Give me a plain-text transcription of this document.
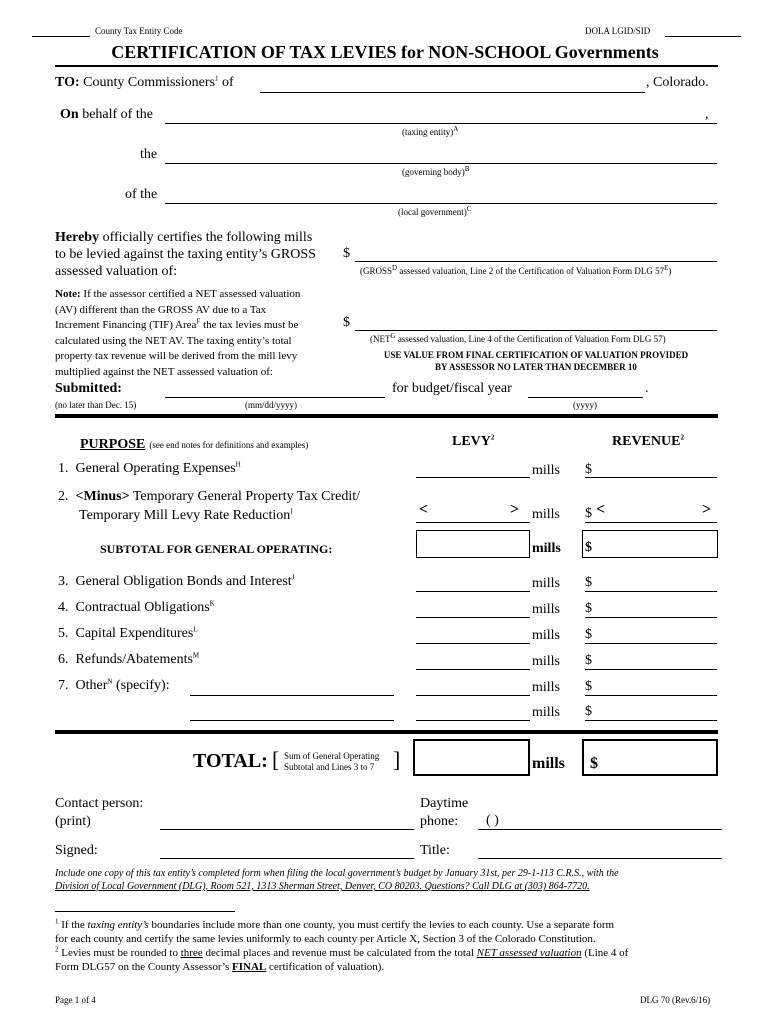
County Tax Entity Code	DOLA LGID/SID
CERTIFICATION OF TAX LEVIES for NON-SCHOOL Governments
TO: County Commissioners$^1$ of	, Colorado.
On behalf of the	,
(taxing entity)$^A$
the
(governing body)$^B$
of the
(local government)$^C$
Hereby officially certifies the following mills
to be levied against the taxing entity’s GROSS
assessed valuation of:
$
($GROSS^D$ assessed valuation, Line 2 of the Certification of Valuation Form DLG $57^E$)
Note: If the assessor certified a NET assessed valuation
(AV) different than the GROSS AV due to a Tax
Increment Financing (TIF) Area$^F$ the tax levies must be
calculated using the NET AV. The taxing entity’s total
property tax revenue will be derived from the mill levy
multiplied against the NET assessed valuation of:
$
($NET^G$ assessed valuation, Line 4 of the Certification of Valuation Form DLG 57)
USE VALUE FROM FINAL CERTIFICATION OF VALUATION PROVIDED
BY ASSESSOR NO LATER THAN DECEMBER 10
Submitted:
(no later than Dec. 15)	(mm/dd/yyyy)
for budget/fiscal year	.
(yyyy)
PURPOSE (see end notes for definitions and examples)	LEVY$^2$	REVENUE$^2$
1. General Operating Expenses$^H$	mills $
2. <Minus> Temporary General Property Tax Credit/
Temporary Mill Levy Rate Reduction$^I$	<	> mills $ <	>
SUBTOTAL FOR GENERAL OPERATING:	mills $
3. General Obligation Bonds and Interest$^J$	mills $
4. Contractual Obligations$^K$	mills $
5. Capital Expenditures$^L$	mills $
6. Refunds/Abatements$^M$	mills $
7. Other$^N$ (specify):	mills $
mills $
TOTAL: [ Sum of General Operating
Subtotal and Lines 3 to 7 ]	mills $
Contact person:
(print)
Daytime
phone:	( )
Signed:	Title:
Include one copy of this tax entity’s completed form when filing the local government’s budget by January 31st, per 29-1-113 C.R.S., with the
Division of Local Government (DLG), Room 521, 1313 Sherman Street, Denver, CO 80203. Questions? Call DLG at (303) 864-7720.
$^1$ If the taxing entity’s boundaries include more than one county, you must certify the levies to each county. Use a separate form
for each county and certify the same levies uniformly to each county per Article X, Section 3 of the Colorado Constitution.
$^2$ Levies must be rounded to three decimal places and revenue must be calculated from the total NET assessed valuation (Line 4 of
Form DLG57 on the County Assessor’s FINAL certification of valuation).
Page 1 of 4	DLG 70 (Rev.6/16)
